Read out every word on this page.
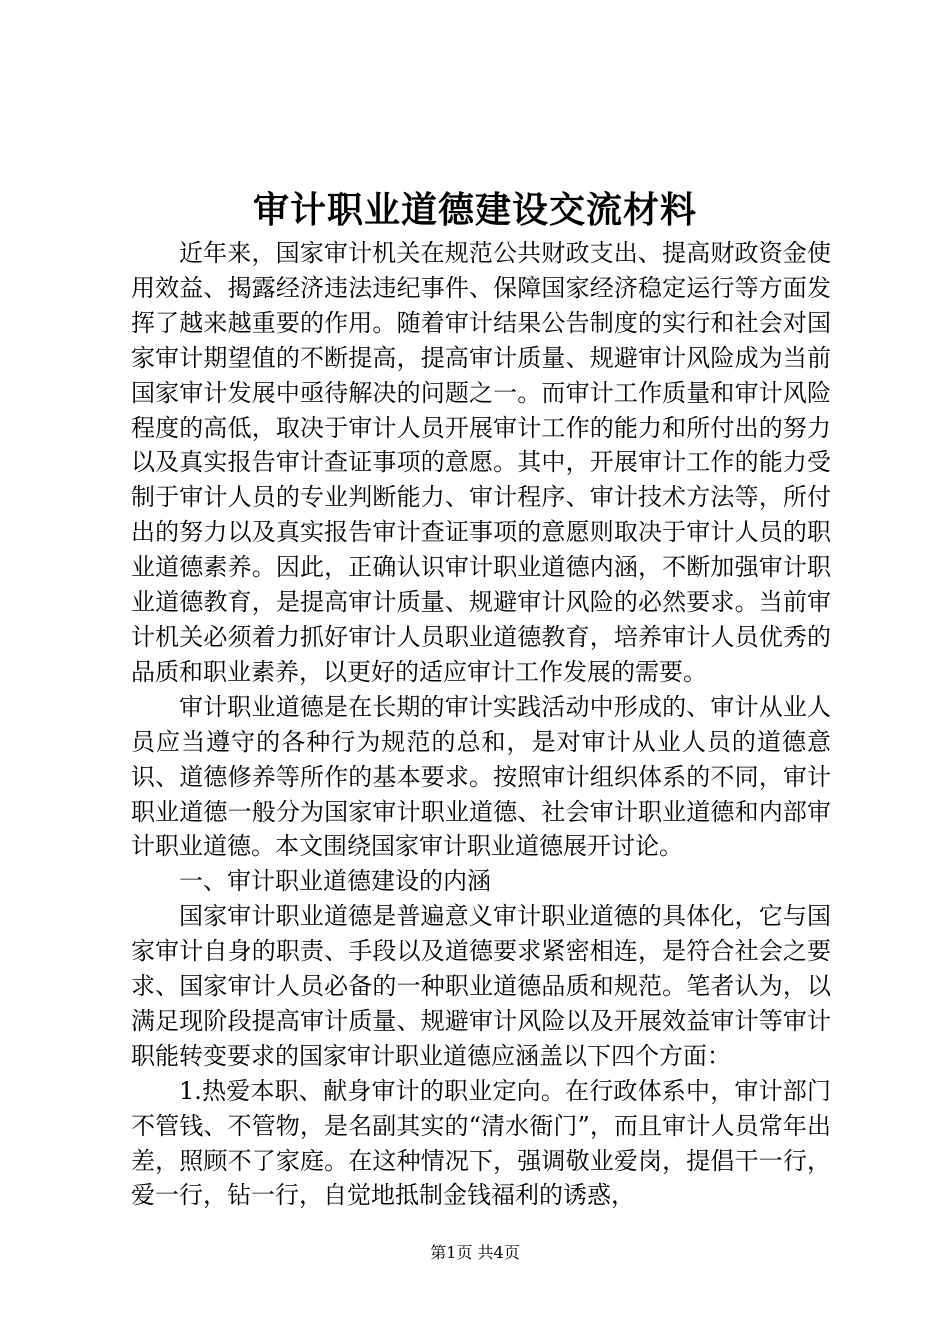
审计职业道德建设交流材料

近年来，国家审计机关在规范公共财政支出、提高财政资金使用效益、揭露经济违法违纪事件、保障国家经济稳定运行等方面发挥了越来越重要的作用。随着审计结果公告制度的实行和社会对国家审计期望值的不断提高，提高审计质量、规避审计风险成为当前国家审计发展中亟待解决的问题之一。而审计工作质量和审计风险程度的高低，取决于审计人员开展审计工作的能力和所付出的努力以及真实报告审计查证事项的意愿。其中，开展审计工作的能力受制于审计人员的专业判断能力、审计程序、审计技术方法等，所付出的努力以及真实报告审计查证事项的意愿则取决于审计人员的职业道德素养。因此，正确认识审计职业道德内涵，不断加强审计职业道德教育，是提高审计质量、规避审计风险的必然要求。当前审计机关必须着力抓好审计人员职业道德教育，培养审计人员优秀的品质和职业素养，以更好的适应审计工作发展的需要。

审计职业道德是在长期的审计实践活动中形成的、审计从业人员应当遵守的各种行为规范的总和，是对审计从业人员的道德意识、道德修养等所作的基本要求。按照审计组织体系的不同，审计职业道德一般分为国家审计职业道德、社会审计职业道德和内部审计职业道德。本文围绕国家审计职业道德展开讨论。

一、审计职业道德建设的内涵

国家审计职业道德是普遍意义审计职业道德的具体化，它与国家审计自身的职责、手段以及道德要求紧密相连，是符合社会之要求、国家审计人员必备的一种职业道德品质和规范。笔者认为，以满足现阶段提高审计质量、规避审计风险以及开展效益审计等审计职能转变要求的国家审计职业道德应涵盖以下四个方面：

1.热爱本职、献身审计的职业定向。在行政体系中，审计部门不管钱、不管物，是名副其实的“清水衙门”，而且审计人员常年出差，照顾不了家庭。在这种情况下，强调敬业爱岗，提倡干一行，爱一行，钻一行，自觉地抵制金钱福利的诱惑，

第1页 共4页
